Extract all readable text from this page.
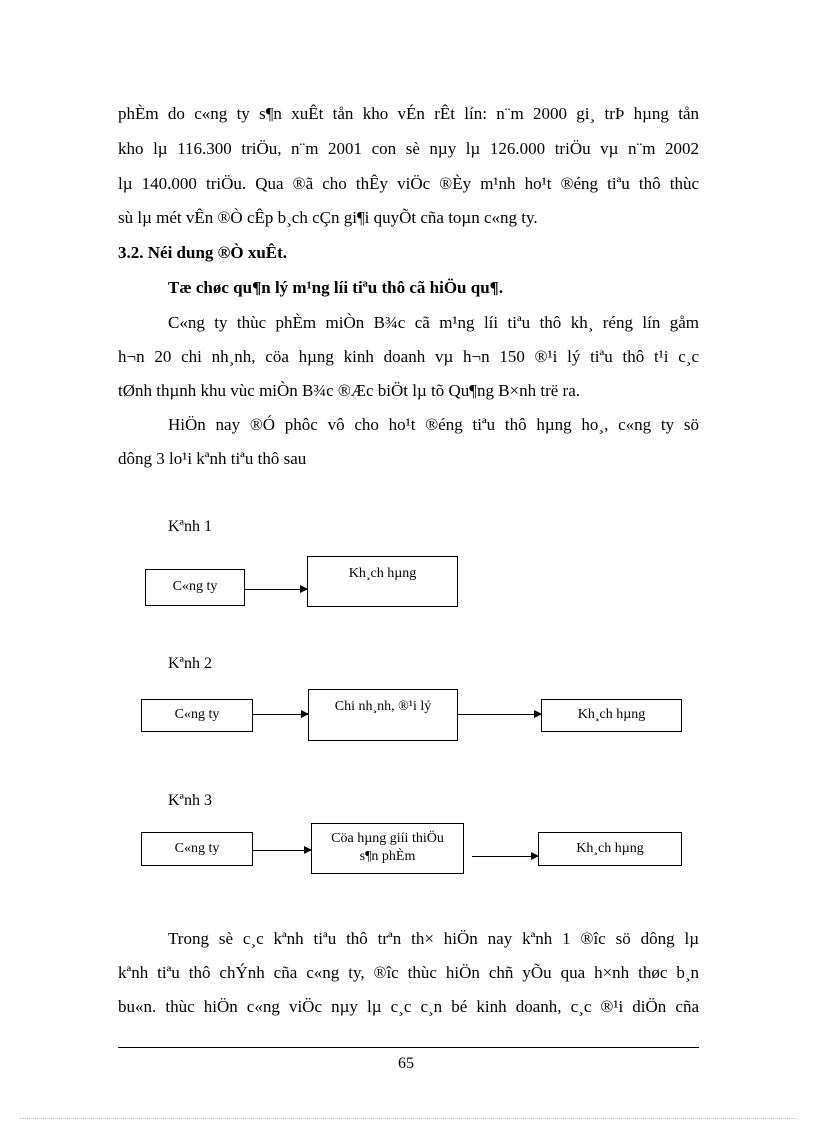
phÈm do c«ng ty s¶n xuÊt tån kho vÉn rÊt lín: n¨m 2000 gi¸ trÞ hµng tån
kho lµ 116.300 triÖu, n¨m 2001 con sè nµy lµ 126.000 triÖu vµ n¨m 2002
lµ 140.000 triÖu. Qua ®ã cho thÊy viÖc ®Èy m¹nh ho¹t ®éng tiªu thô thùc
sù lµ mét vÊn ®Ò cÊp b¸ch cÇn gi¶i quyÕt cña toµn c«ng ty.
3.2. Néi dung ®Ò xuÊt.
Tæ chøc qu¶n lý m¹ng líi tiªu thô cã hiÖu qu¶.
C«ng ty thùc phÈm miÒn B¾c cã m¹ng líi tiªu thô kh¸ réng lín gåm
h¬n 20 chi nh¸nh, cöa hµng kinh doanh vµ h¬n 150 ®¹i lý tiªu thô t¹i c¸c
tØnh thµnh khu vùc miÒn B¾c ®Æc biÖt lµ tõ Qu¶ng B×nh trë ra.
HiÖn nay ®Ó phôc vô cho ho¹t ®éng tiªu thô hµng ho¸, c«ng ty sö
dông 3 lo¹i kªnh tiªu thô sau
Kªnh 1
C«ng ty
Kh¸ch hµng
Kªnh 2
C«ng ty
Chi nh¸nh, ®¹i lý
Kh¸ch hµng
Kªnh 3
C«ng ty
Cöa hµng giíi thiÖu s¶n phÈm
Kh¸ch hµng
Trong sè c¸c kªnh tiªu thô trªn th× hiÖn nay kªnh 1 ®îc sö dông lµ
kªnh tiªu thô chÝnh cña c«ng ty, ®îc thùc hiÖn chñ yÕu qua h×nh thøc b¸n
bu«n. thùc hiÖn c«ng viÖc nµy lµ c¸c c¸n bé kinh doanh, c¸c ®¹i diÖn cña
65
